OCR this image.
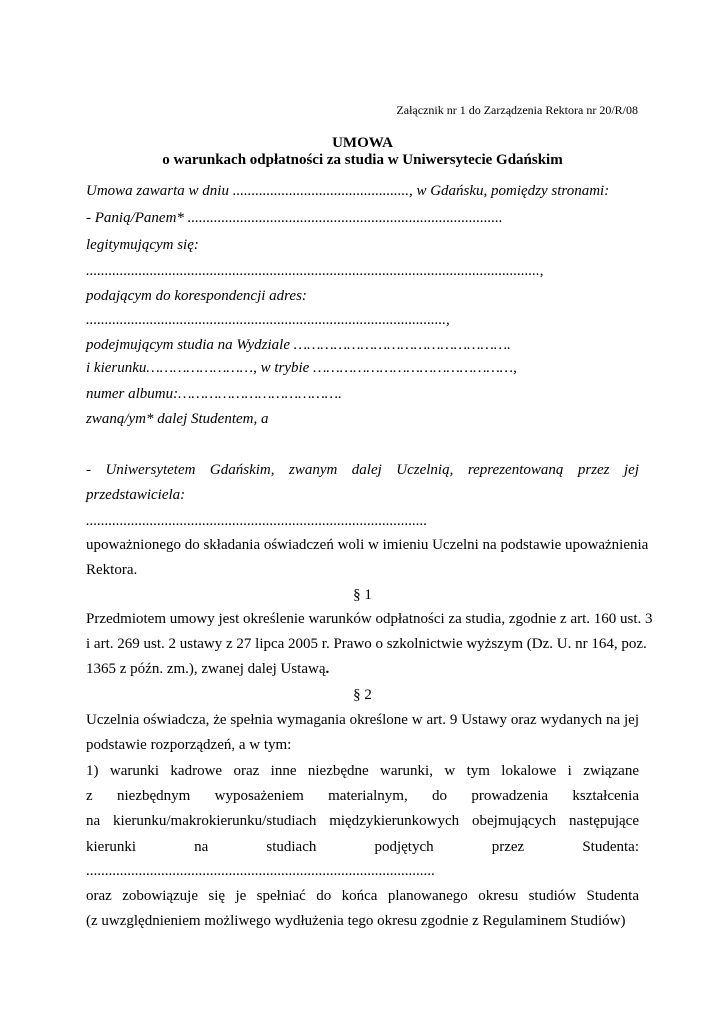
Załącznik nr 1 do Zarządzenia Rektora nr 20/R/08
UMOWA
o warunkach odpłatności za studia w Uniwersytecie Gdańskim
Umowa zawarta w dniu ..............................................., w Gdańsku, pomiędzy stronami:
- Panią/Panem* ....................................................................................
legitymującym się:
.........................................................................................................................,
podającym do korespondencji adres:
................................................................................................,
podejmującym studia na Wydziale ………………………………………….
i kierunku……………………, w trybie ………………………………………,
numer albumu:……………………………….
zwaną/ym* dalej Studentem, a
- Uniwersytetem Gdańskim, zwanym dalej Uczelnią, reprezentowaną przez jej
przedstawiciela:
...........................................................................................
upoważnionego do składania oświadczeń woli w imieniu Uczelni na podstawie upoważnienia
Rektora.
§ 1
Przedmiotem umowy jest określenie warunków odpłatności za studia, zgodnie z art. 160 ust. 3
i art. 269 ust. 2 ustawy z 27 lipca 2005 r. Prawo o szkolnictwie wyższym (Dz. U. nr 164, poz.
1365 z późn. zm.), zwanej dalej Ustawą.
§ 2
Uczelnia oświadcza, że spełnia wymagania określone w art. 9 Ustawy oraz wydanych na jej
podstawie rozporządzeń, a w tym:
1) warunki kadrowe oraz inne niezbędne warunki, w tym lokalowe i związane
z niezbędnym wyposażeniem materialnym, do prowadzenia kształcenia
na kierunku/makrokierunku/studiach międzykierunkowych obejmujących następujące
kierunki na studiach podjętych przez Studenta:
.............................................................................................
oraz zobowiązuje się je spełniać do końca planowanego okresu studiów Studenta
(z uwzględnieniem możliwego wydłużenia tego okresu zgodnie z Regulaminem Studiów)
